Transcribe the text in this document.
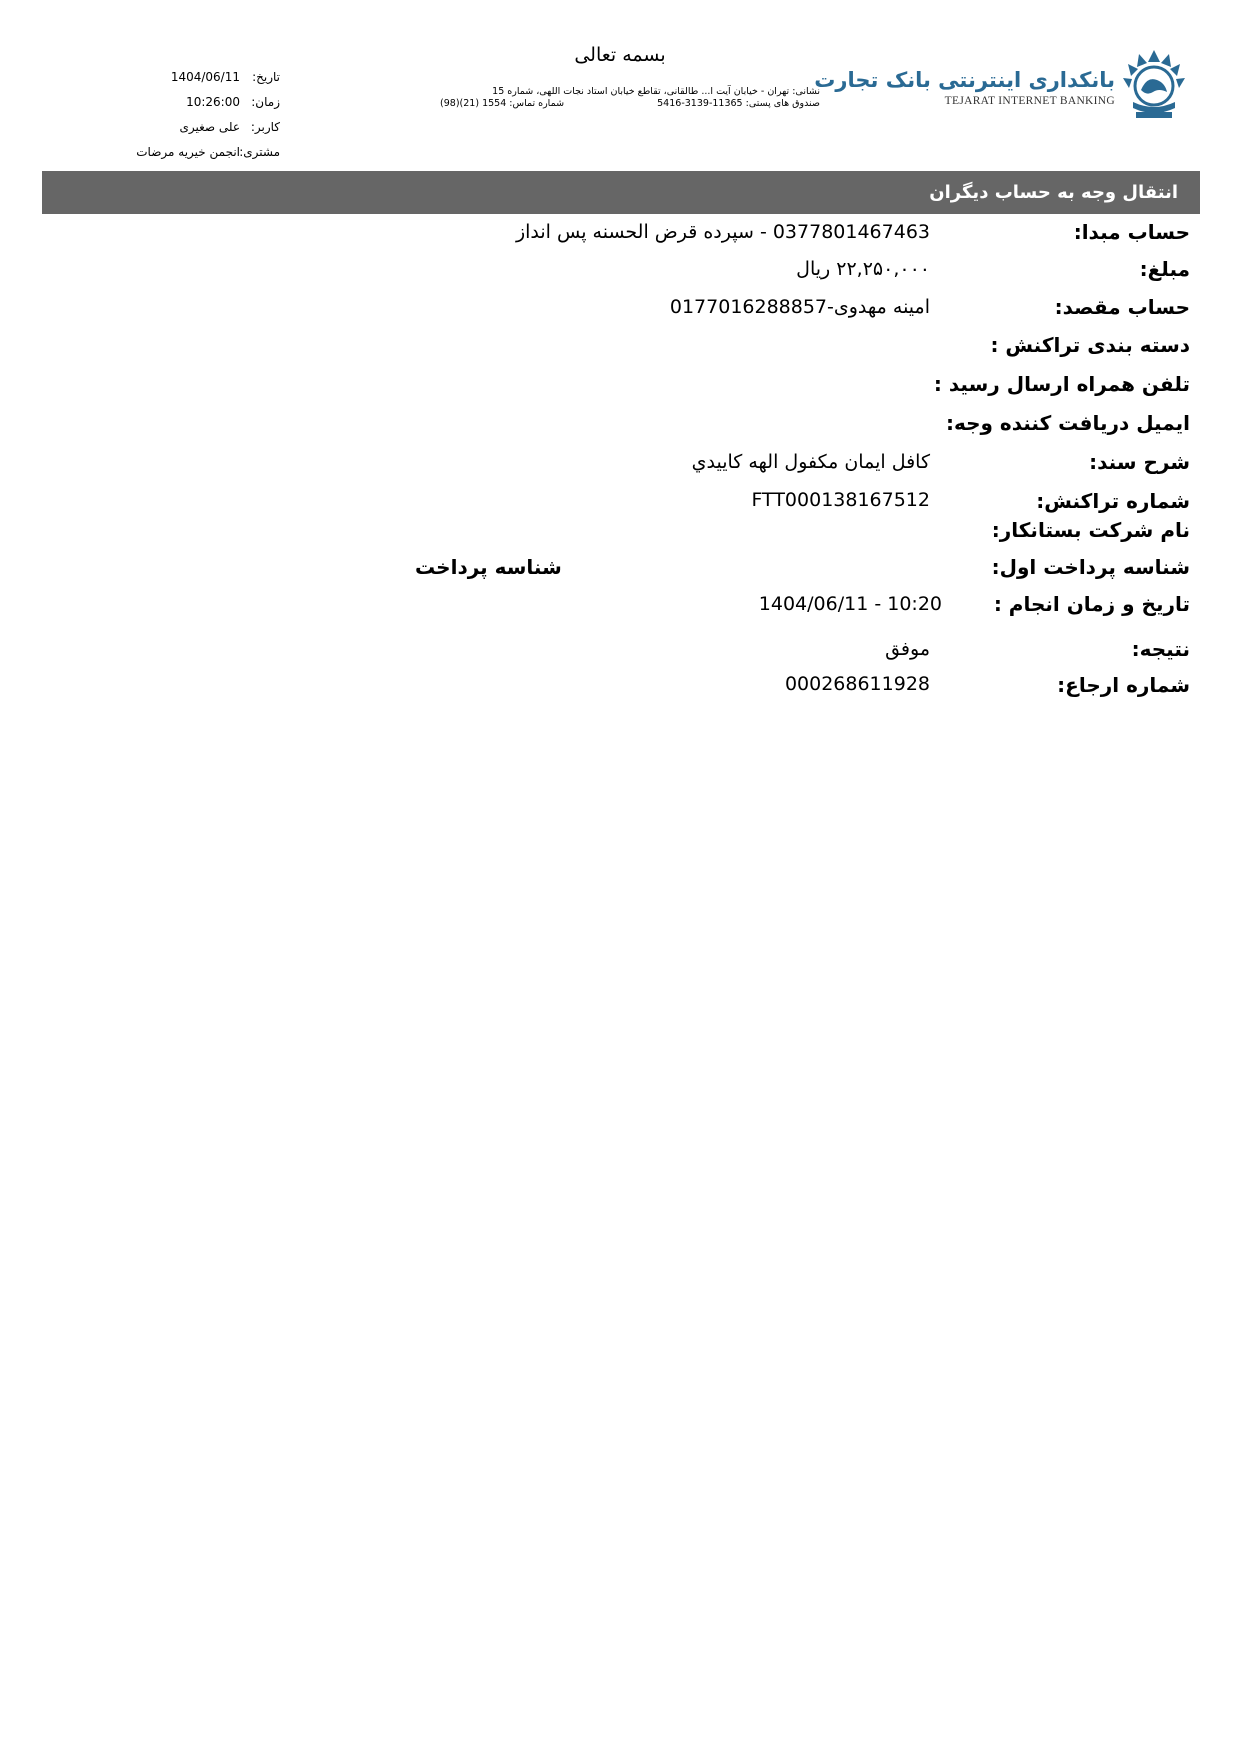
بسمه تعالی
نشانی: تهران - خیابان آیت ا... طالقانی، تقاطع خیابان استاد نجات اللهی، شماره 15
صندوق های پستی: 11365-3139-5416
شماره تماس: 1554 (21)(98)
تاریخ:
1404/06/11
زمان:
10:26:00
کاربر:
علی صغیری
مشتری:
انجمن خیریه مرضات
بانکداری اینترنتی بانک تجارت
TEJARAT INTERNET BANKING
انتقال وجه به حساب دیگران
حساب مبدا:
0377801467463 - سپرده قرض الحسنه پس انداز
مبلغ:
۲۲,۲۵۰,۰۰۰ ریال
حساب مقصد:
امینه مهدوی-0177016288857
دسته بندی تراکنش :
تلفن همراه ارسال رسید :
ایمیل دریافت کننده وجه:
شرح سند:
کافل ایمان مکفول الهه کاییدي
شماره تراکنش:
FTT000138167512
نام شرکت بستانکار:
شناسه پرداخت اول:
شناسه پرداخت
تاریخ و زمان انجام :
1404/06/11 - 10:20
نتیجه:
موفق
شماره ارجاع:
000268611928
